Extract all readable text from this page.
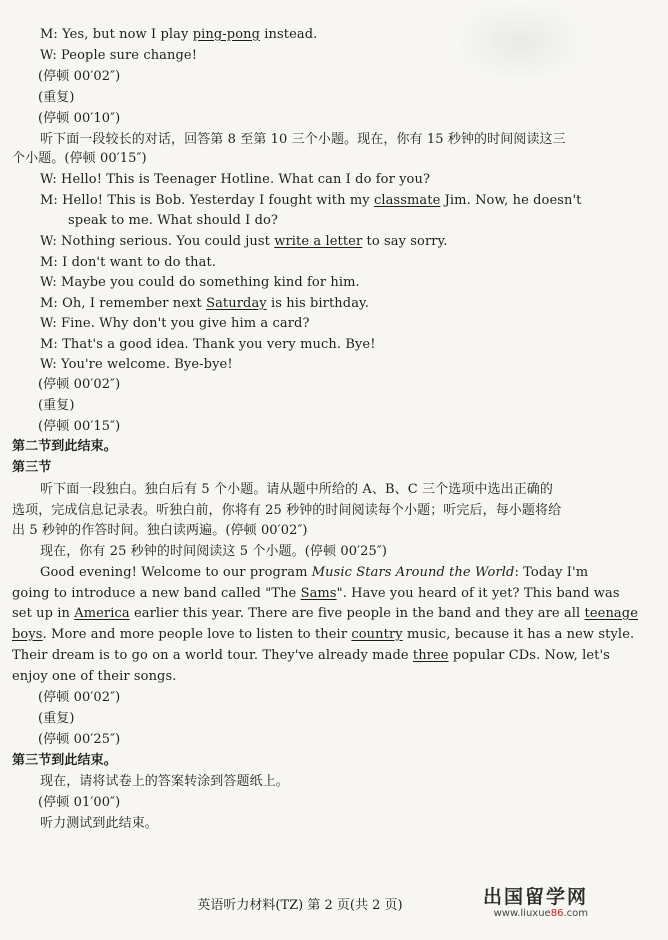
M: Yes, but now I play ping-pong instead.
W: People sure change!
(停顿 00′02″)
(重复)
(停顿 00′10″)
听下面一段较长的对话，回答第 8 至第 10 三个小题。现在，你有 15 秒钟的时间阅读这三
个小题。(停顿 00′15″)
W: Hello! This is Teenager Hotline. What can I do for you?
M: Hello! This is Bob. Yesterday I fought with my classmate Jim. Now, he doesn't
speak to me. What should I do?
W: Nothing serious. You could just write a letter to say sorry.
M: I don't want to do that.
W: Maybe you could do something kind for him.
M: Oh, I remember next Saturday is his birthday.
W: Fine. Why don't you give him a card?
M: That's a good idea. Thank you very much. Bye!
W: You're welcome. Bye-bye!
(停顿 00′02″)
(重复)
(停顿 00′15″)
第二节到此结束。
第三节
听下面一段独白。独白后有 5 个小题。请从题中所给的 A、B、C 三个选项中选出正确的
选项，完成信息记录表。听独白前，你将有 25 秒钟的时间阅读每个小题；听完后，每小题将给
出 5 秒钟的作答时间。独白读两遍。(停顿 00′02″)
现在，你有 25 秒钟的时间阅读这 5 个小题。(停顿 00′25″)
Good evening! Welcome to our program Music Stars Around the World: Today I'm
going to introduce a new band called "The Sams". Have you heard of it yet? This band was
set up in America earlier this year. There are five people in the band and they are all teenage
boys. More and more people love to listen to their country music, because it has a new style.
Their dream is to go on a world tour. They've already made three popular CDs. Now, let's
enjoy one of their songs.
(停顿 00′02″)
(重复)
(停顿 00′25″)
第三节到此结束。
现在，请将试卷上的答案转涂到答题纸上。
(停顿 01′00″)
听力测试到此结束。
英语听力材料(TZ) 第 2 页(共 2 页)	出国留学网
www.liuxue86.com
